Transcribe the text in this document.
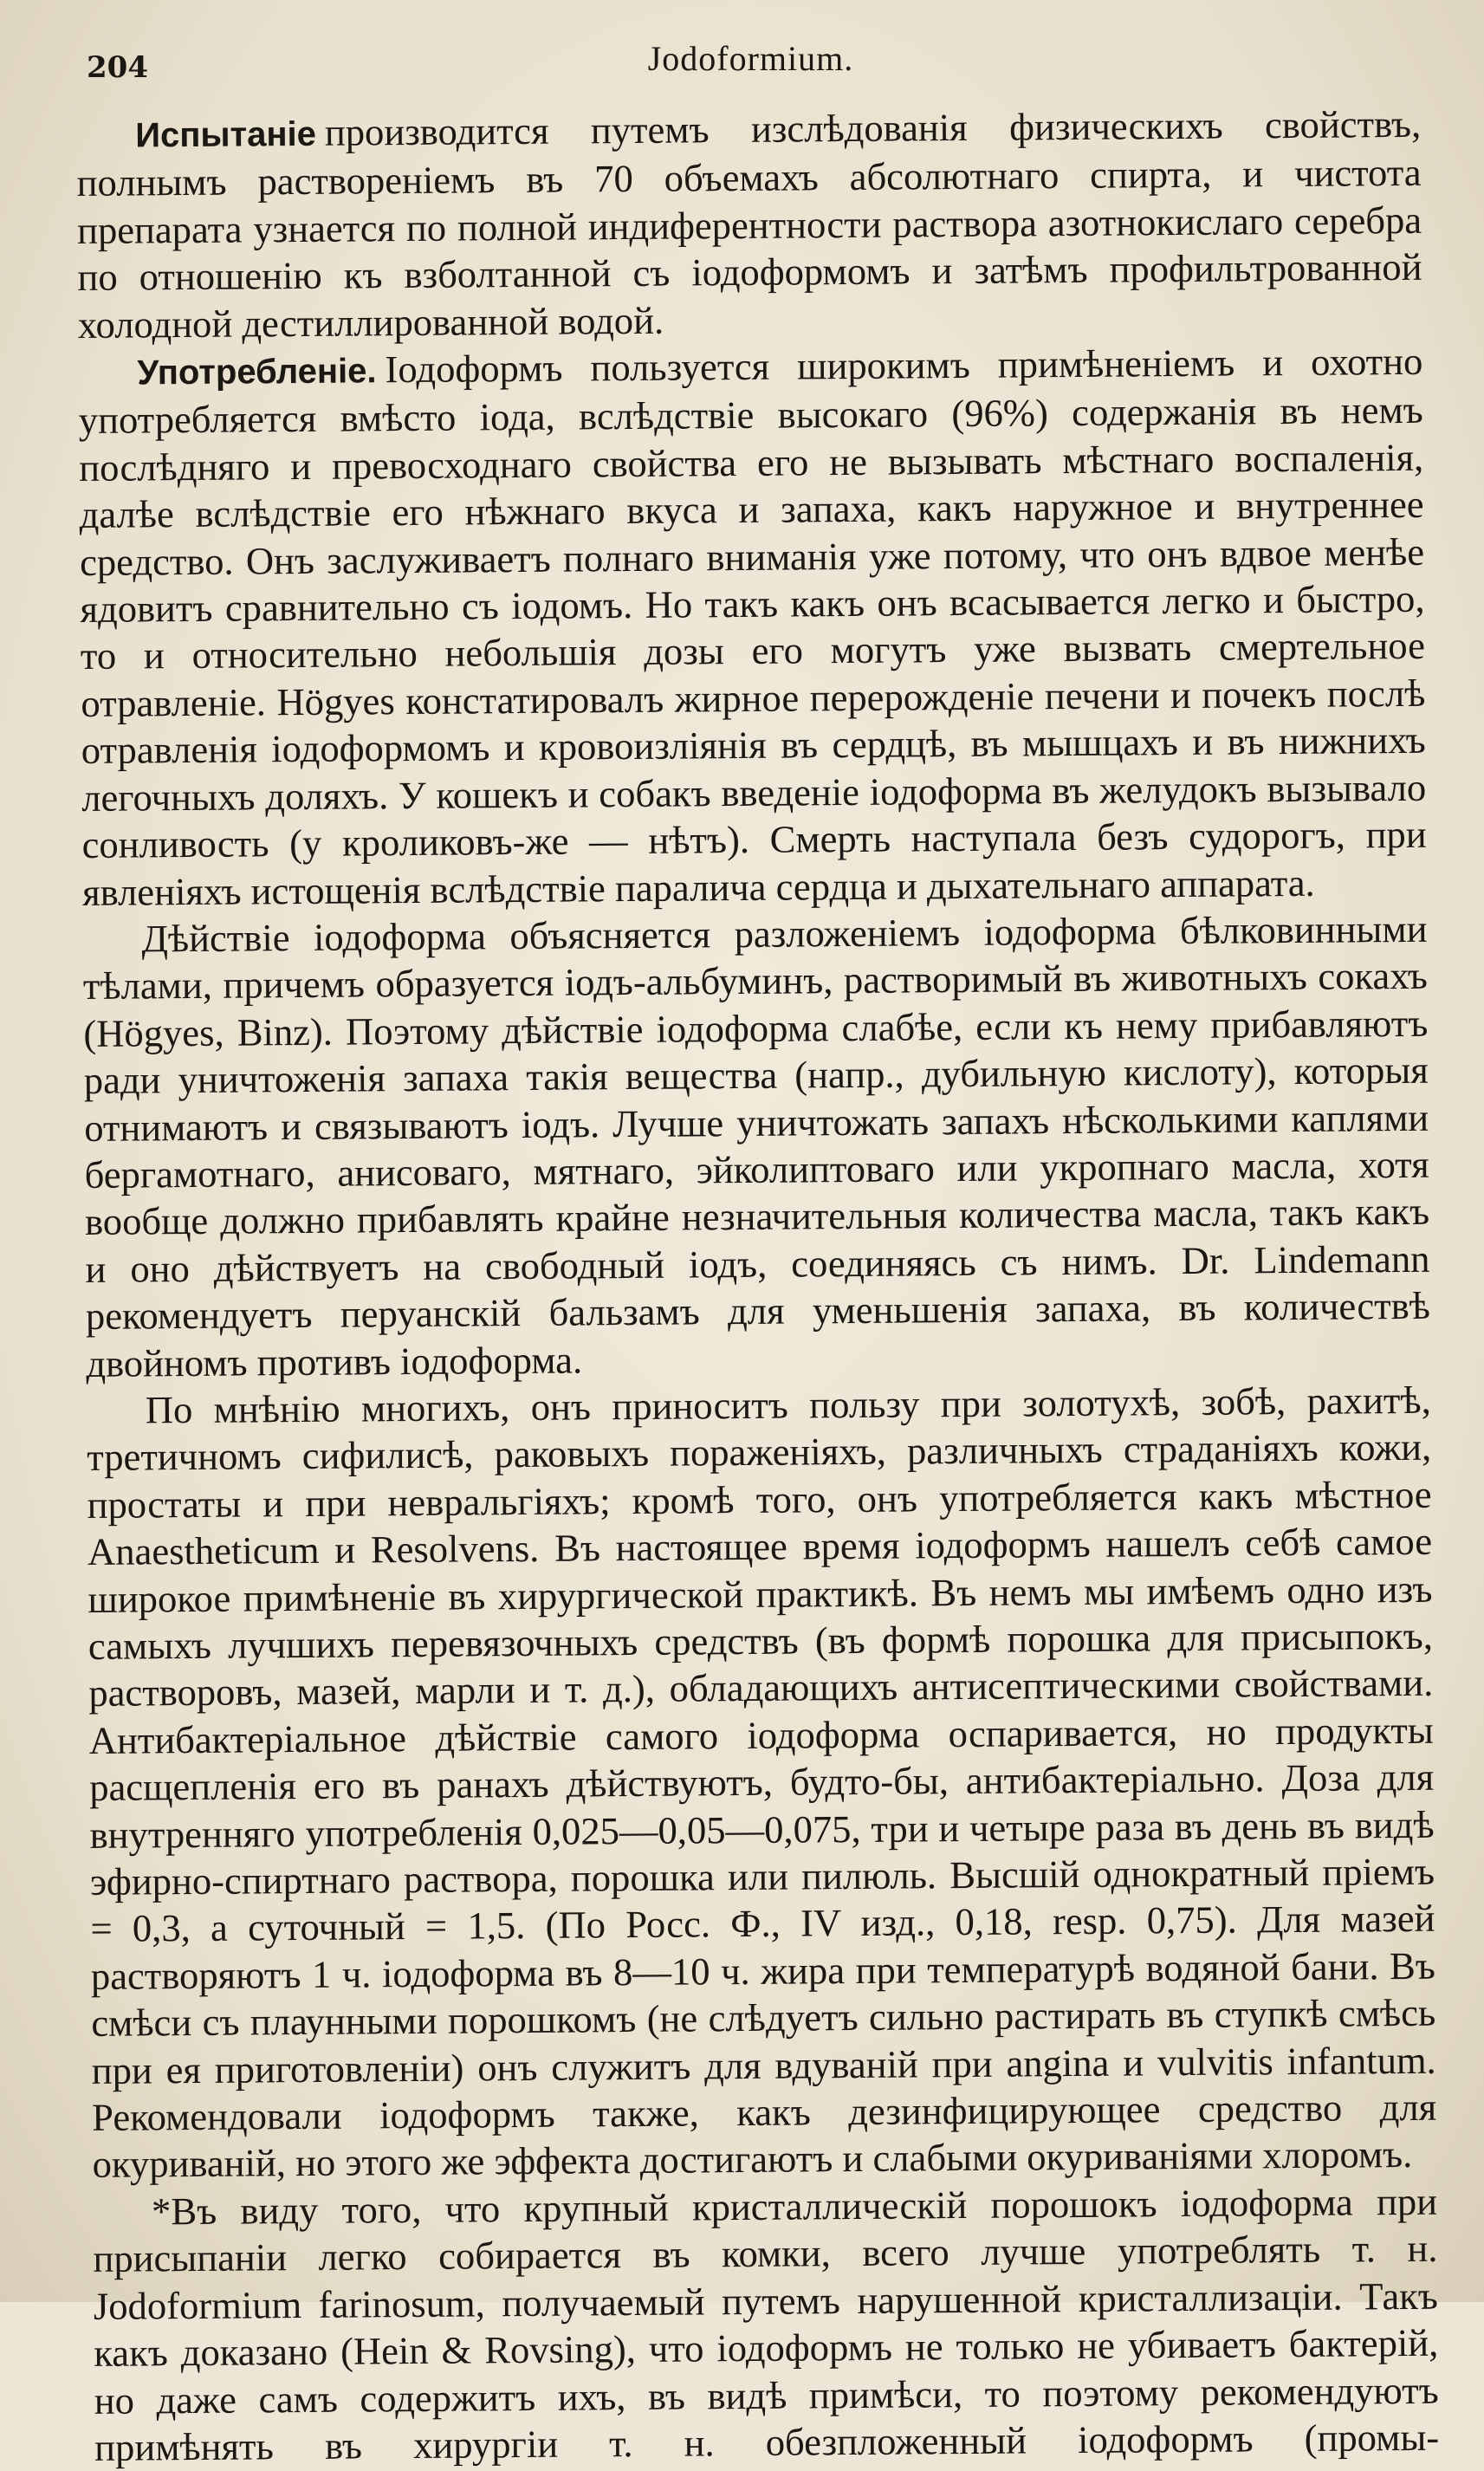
204	Jodoformium.

Испытаніе производится путемъ изслѣдованія физическихъ свойствъ, полнымъ раствореніемъ въ 70 объемахъ абсолютнаго спирта, и чистота препарата узнается по полной индиферентности раствора азотнокислаго серебра по отношенію къ взболтанной съ іодоформомъ и затѣмъ профильтрованной холодной дестиллированной водой.

Употребленіе. Іодоформъ пользуется широкимъ примѣненіемъ и охотно употребляется вмѣсто іода, вслѣдствіе высокаго (96%) содержанія въ немъ послѣдняго и превосходнаго свойства его не вызывать мѣстнаго воспаленія, далѣе вслѣдствіе его нѣжнаго вкуса и запаха, какъ наружное и внутреннее средство. Онъ заслуживаетъ полнаго вниманія уже потому, что онъ вдвое менѣе ядовитъ сравнительно съ іодомъ. Но такъ какъ онъ всасывается легко и быстро, то и относительно небольшія дозы его могутъ уже вызвать смертельное отравленіе. Högyes констатировалъ жирное перерожденіе печени и почекъ послѣ отравленія іодоформомъ и кровоизліянія въ сердцѣ, въ мышцахъ и въ нижнихъ легочныхъ доляхъ. У кошекъ и собакъ введеніе іодоформа въ желудокъ вызывало сонливость (у кроликовъ-же — нѣтъ). Смерть наступала безъ судорогъ, при явленіяхъ истощенія вслѣдствіе паралича сердца и дыхательнаго аппарата.

Дѣйствіе іодоформа объясняется разложеніемъ іодоформа бѣлковинными тѣлами, причемъ образуется іодъ-альбуминъ, растворимый въ животныхъ сокахъ (Högyes, Binz). Поэтому дѣйствіе іодоформа слабѣе, если къ нему прибавляютъ ради уничтоженія запаха такія вещества (напр., дубильную кислоту), которыя отнимаютъ и связываютъ іодъ. Лучше уничтожать запахъ нѣсколькими каплями бергамотнаго, анисоваго, мятнаго, эйколиптоваго или укропнаго масла, хотя вообще должно прибавлять крайне незначительныя количества масла, такъ какъ и оно дѣйствуетъ на свободный іодъ, соединяясь съ нимъ. Dr. Lindemann рекомендуетъ перуанскій бальзамъ для уменьшенія запаха, въ количествѣ двойномъ противъ іодоформа.

По мнѣнію многихъ, онъ приноситъ пользу при золотухѣ, зобѣ, рахитѣ, третичномъ сифилисѣ, раковыхъ пораженіяхъ, различныхъ страданіяхъ кожи, простаты и при невральгіяхъ; кромѣ того, онъ употребляется какъ мѣстное Anaestheticum и Resolvens. Въ настоящее время іодоформъ нашелъ себѣ самое широкое примѣненіе въ хирургической практикѣ. Въ немъ мы имѣемъ одно изъ самыхъ лучшихъ перевязочныхъ средствъ (въ формѣ порошка для присыпокъ, растворовъ, мазей, марли и т. д.), обладающихъ антисептическими свойствами. Антибактеріальное дѣйствіе самого іодоформа оспаривается, но продукты расщепленія его въ ранахъ дѣйствуютъ, будто-бы, антибактеріально. Доза для внутренняго употребленія 0,025—0,05—0,075, три и четыре раза въ день въ видѣ эфирно-спиртнаго раствора, порошка или пилюль. Высшій однократный пріемъ = 0,3, а суточный = 1,5. (По Росс. Ф., IV изд., 0,18, resp. 0,75). Для мазей растворяютъ 1 ч. іодоформа въ 8—10 ч. жира при температурѣ водяной бани. Въ смѣси съ плаунными порошкомъ (не слѣдуетъ сильно растирать въ ступкѣ смѣсь при ея приготовленіи) онъ служитъ для вдуваній при angina и vulvitis infantum. Рекомендовали іодоформъ также, какъ дезинфицирующее средство для окуриваній, но этого же эффекта достигаютъ и слабыми окуриваніями хлоромъ.

*Въ виду того, что крупный кристаллическій порошокъ іодоформа при присыпаніи легко собирается въ комки, всего лучше употреблять т. н. Jodoformium farinosum, получаемый путемъ нарушенной кристаллизаціи. Такъ какъ доказано (Hein & Rovsing), что іодоформъ не только не убиваетъ бактерій, но даже самъ содержитъ ихъ, въ видѣ примѣси, то поэтому рекомендуютъ примѣнять въ хирургіи т. н. обезпложенный іодоформъ (промы-
